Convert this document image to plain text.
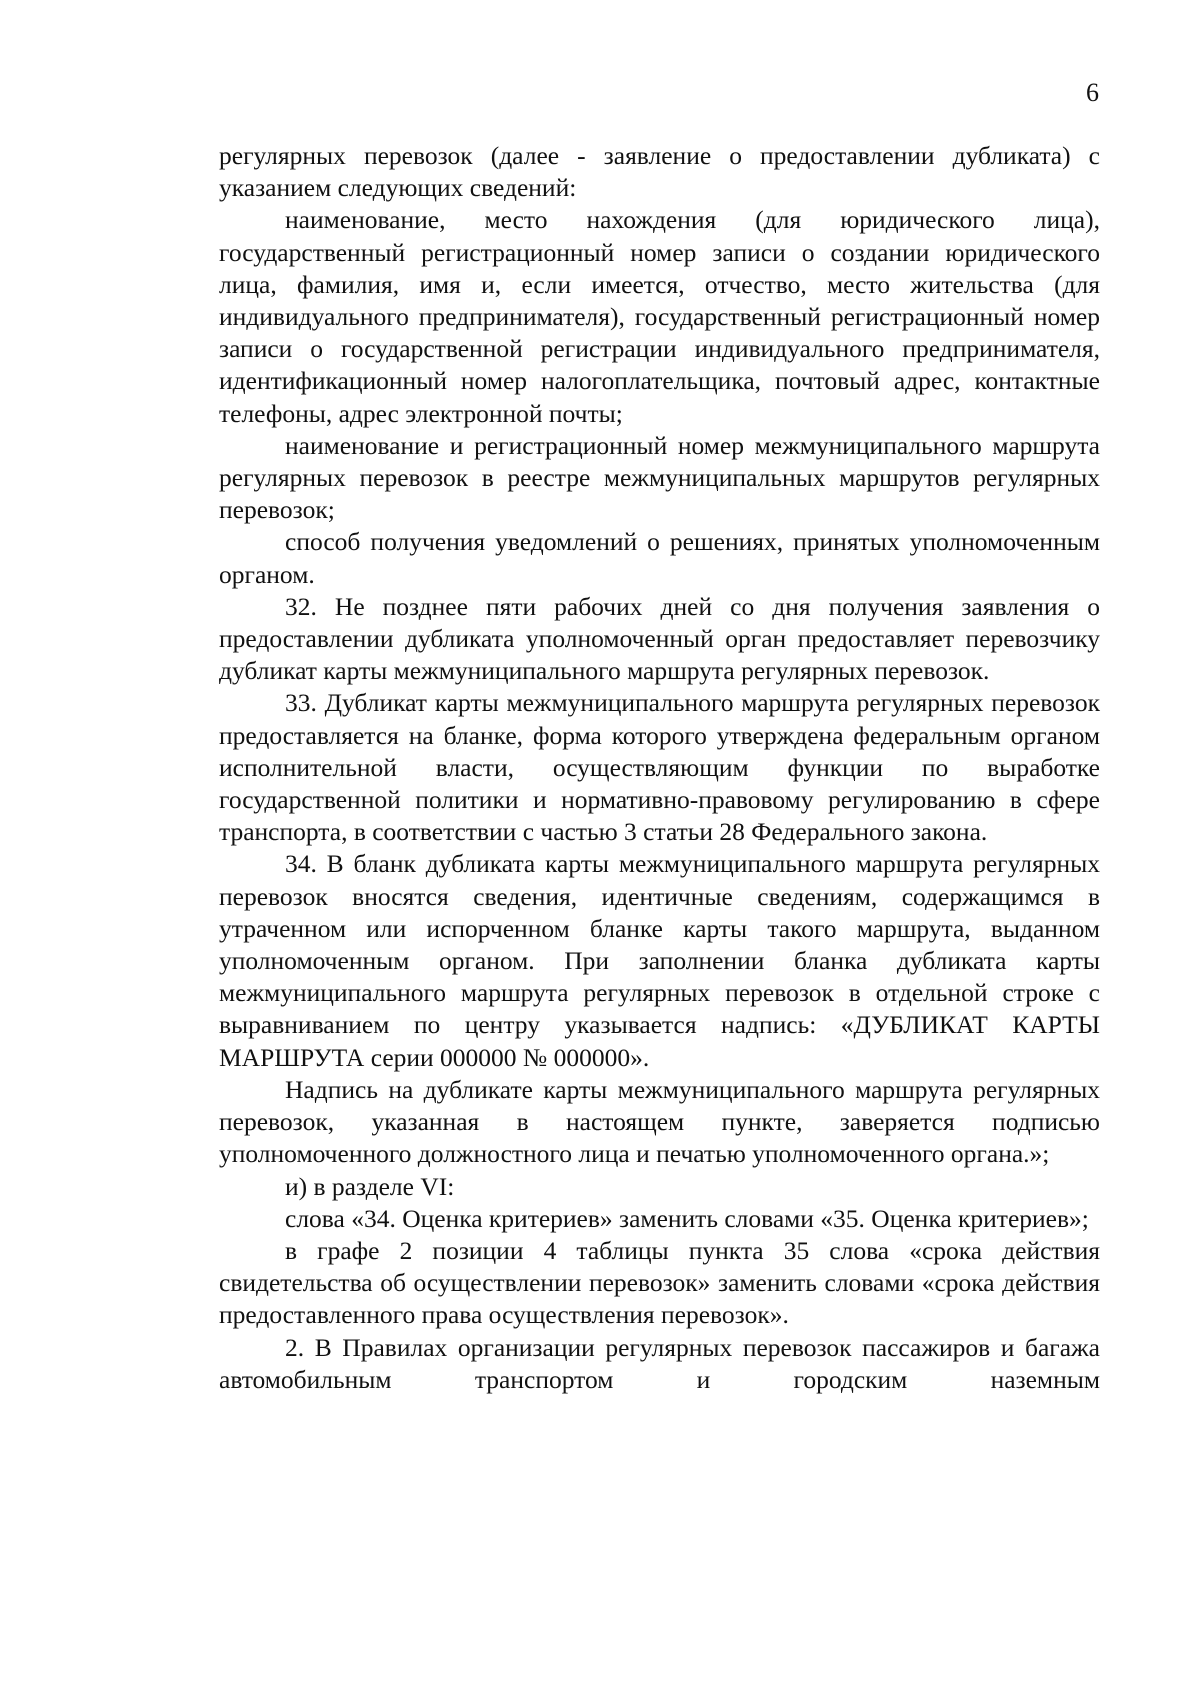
6

регулярных перевозок (далее - заявление о предоставлении дубликата) с указанием следующих сведений:

наименование, место нахождения (для юридического лица), государственный регистрационный номер записи о создании юридического лица, фамилия, имя и, если имеется, отчество, место жительства (для индивидуального предпринимателя), государственный регистрационный номер записи о государственной регистрации индивидуального предпринимателя, идентификационный номер налогоплательщика, почтовый адрес, контактные телефоны, адрес электронной почты;

наименование и регистрационный номер межмуниципального маршрута регулярных перевозок в реестре межмуниципальных маршрутов регулярных перевозок;

способ получения уведомлений о решениях, принятых уполномоченным органом.

32. Не позднее пяти рабочих дней со дня получения заявления о предоставлении дубликата уполномоченный орган предоставляет перевозчику дубликат карты межмуниципального маршрута регулярных перевозок.

33. Дубликат карты межмуниципального маршрута регулярных перевозок предоставляется на бланке, форма которого утверждена федеральным органом исполнительной власти, осуществляющим функции по выработке государственной политики и нормативно-правовому регулированию в сфере транспорта, в соответствии с частью 3 статьи 28 Федерального закона.

34. В бланк дубликата карты межмуниципального маршрута регулярных перевозок вносятся сведения, идентичные сведениям, содержащимся в утраченном или испорченном бланке карты такого маршрута, выданном уполномоченным органом. При заполнении бланка дубликата карты межмуниципального маршрута регулярных перевозок в отдельной строке с выравниванием по центру указывается надпись: «ДУБЛИКАТ КАРТЫ МАРШРУТА серии 000000 № 000000».

Надпись на дубликате карты межмуниципального маршрута регулярных перевозок, указанная в настоящем пункте, заверяется подписью уполномоченного должностного лица и печатью уполномоченного органа.»;

и) в разделе VI:

слова «34. Оценка критериев» заменить словами «35. Оценка критериев»;

в графе 2 позиции 4 таблицы пункта 35 слова «срока действия свидетельства об осуществлении перевозок» заменить словами «срока действия предоставленного права осуществления перевозок».

2. В Правилах организации регулярных перевозок пассажиров и багажа автомобильным транспортом и городским наземным
